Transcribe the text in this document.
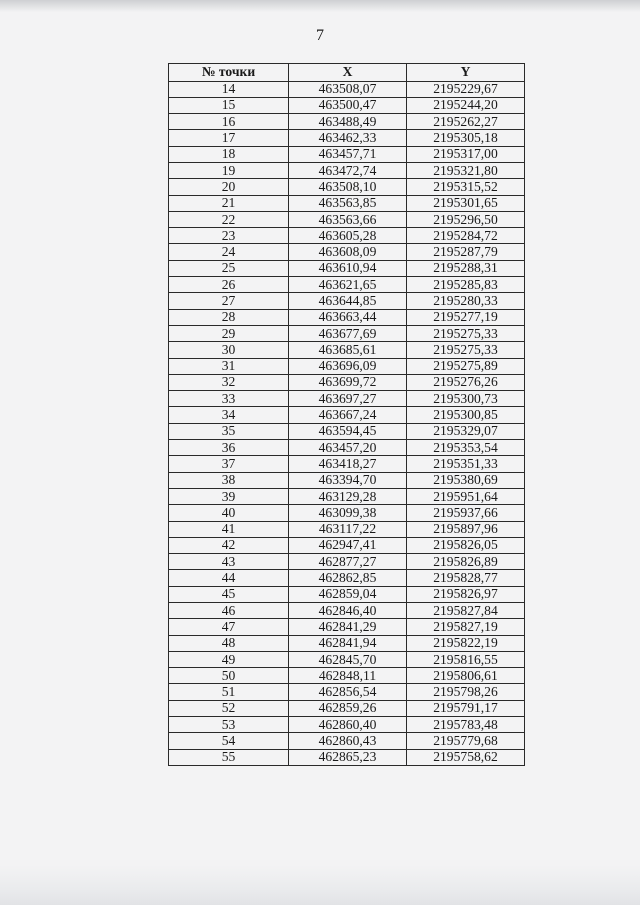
7
№ точки	X	Y
14	463508,07	2195229,67
15	463500,47	2195244,20
16	463488,49	2195262,27
17	463462,33	2195305,18
18	463457,71	2195317,00
19	463472,74	2195321,80
20	463508,10	2195315,52
21	463563,85	2195301,65
22	463563,66	2195296,50
23	463605,28	2195284,72
24	463608,09	2195287,79
25	463610,94	2195288,31
26	463621,65	2195285,83
27	463644,85	2195280,33
28	463663,44	2195277,19
29	463677,69	2195275,33
30	463685,61	2195275,33
31	463696,09	2195275,89
32	463699,72	2195276,26
33	463697,27	2195300,73
34	463667,24	2195300,85
35	463594,45	2195329,07
36	463457,20	2195353,54
37	463418,27	2195351,33
38	463394,70	2195380,69
39	463129,28	2195951,64
40	463099,38	2195937,66
41	463117,22	2195897,96
42	462947,41	2195826,05
43	462877,27	2195826,89
44	462862,85	2195828,77
45	462859,04	2195826,97
46	462846,40	2195827,84
47	462841,29	2195827,19
48	462841,94	2195822,19
49	462845,70	2195816,55
50	462848,11	2195806,61
51	462856,54	2195798,26
52	462859,26	2195791,17
53	462860,40	2195783,48
54	462860,43	2195779,68
55	462865,23	2195758,62
